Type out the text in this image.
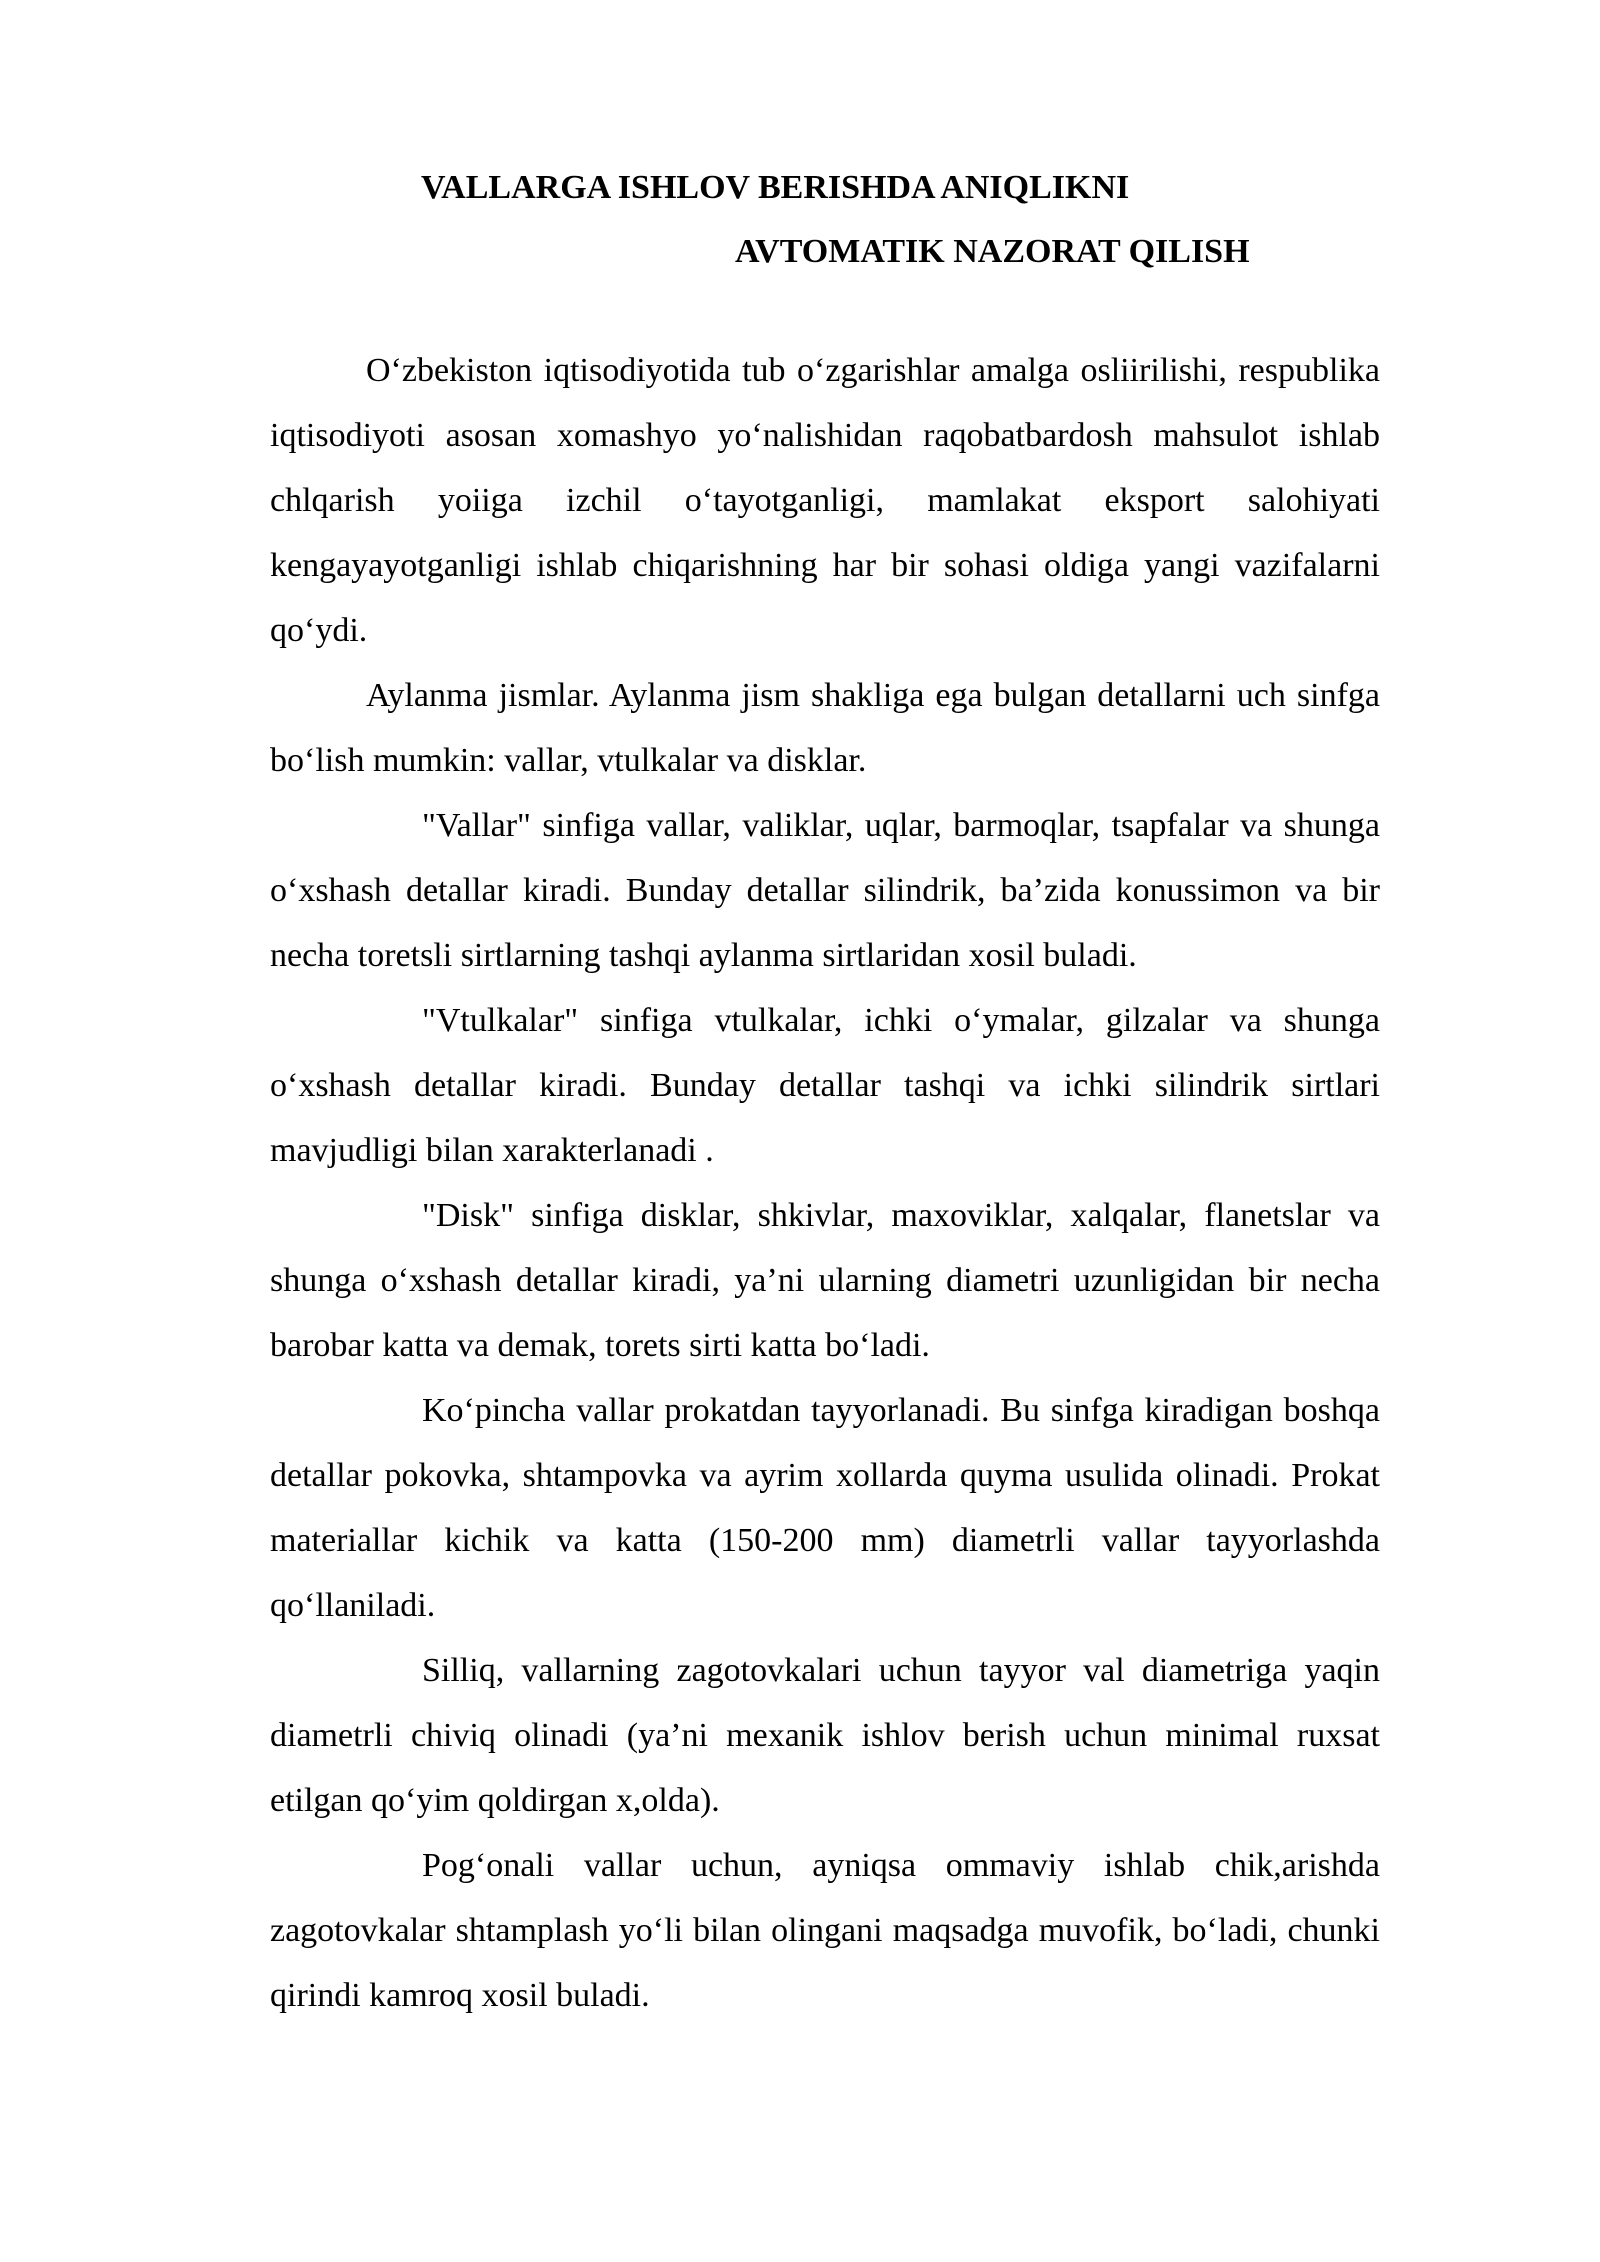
VALLARGA ISHLOV BERISHDA ANIQLIKNI
AVTOMATIK NAZORAT QILISH

O‘zbekiston iqtisodiyotida tub o‘zgarishlar amalga osliirilishi, respublika iqtisodiyoti asosan xomashyo yo‘nalishidan raqobatbardosh mahsulot ishlab chlqarish yoiiga izchil o‘tayotganligi, mamlakat eksport salohiyati kengayayotganligi ishlab chiqarishning har bir sohasi oldiga yangi vazifalarni qo‘ydi.

Aylanma jismlar. Aylanma jism shakliga ega bulgan detallarni uch sinfga bo‘lish mumkin: vallar, vtulkalar va disklar.

"Vallar" sinfiga vallar, valiklar, uqlar, barmoqlar, tsapfalar va shunga o‘xshash detallar kiradi. Bunday detallar silindrik, ba’zida konussimon va bir necha toretsli sirtlarning tashqi aylanma sirtlaridan xosil buladi.

"Vtulkalar" sinfiga vtulkalar, ichki o‘ymalar, gilzalar va shunga o‘xshash detallar kiradi. Bunday detallar tashqi va ichki silindrik sirtlari mavjudligi bilan xarakterlanadi .

"Disk" sinfiga disklar, shkivlar, maxoviklar, xalqalar, flanetslar va shunga o‘xshash detallar kiradi, ya’ni ularning diametri uzunligidan bir necha barobar katta va demak, torets sirti katta bo‘ladi.

Ko‘pincha vallar prokatdan tayyorlanadi. Bu sinfga kiradigan boshqa detallar pokovka, shtampovka va ayrim xollarda quyma usulida olinadi. Prokat materiallar kichik va katta (150-200 mm) diametrli vallar tayyorlashda qo‘llaniladi.

Silliq, vallarning zagotovkalari uchun tayyor val diametriga yaqin diametrli chiviq olinadi (ya’ni mexanik ishlov berish uchun minimal ruxsat etilgan qo‘yim qoldirgan x,olda).

Pog‘onali vallar uchun, ayniqsa ommaviy ishlab chik,arishda zagotovkalar shtamplash yo‘li bilan olingani maqsadga muvofik, bo‘ladi, chunki qirindi kamroq xosil buladi.
